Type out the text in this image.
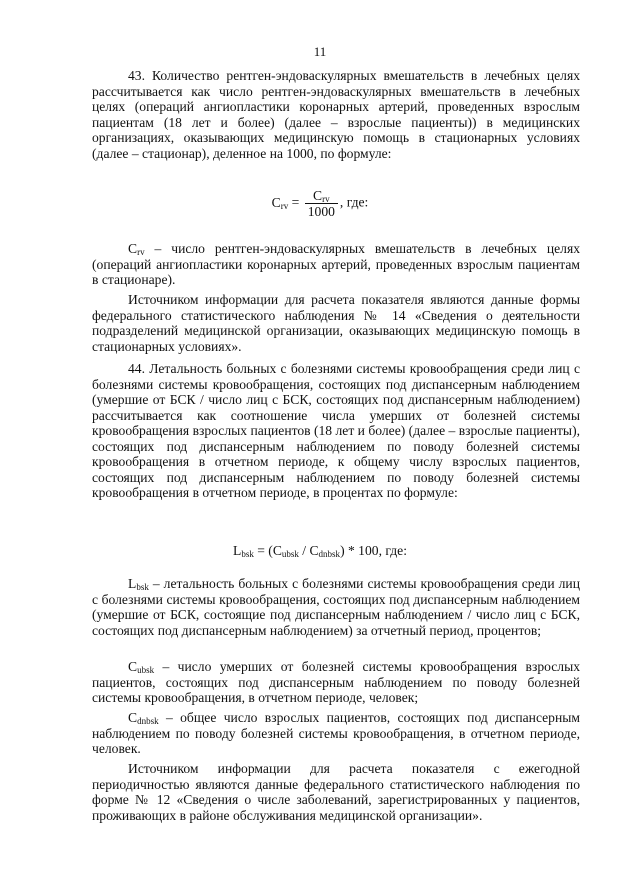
11

43. Количество рентген-эндоваскулярных вмешательств в лечебных целях рассчитывается как число рентген-эндоваскулярных вмешательств в лечебных целях (операций ангиопластики коронарных артерий, проведенных взрослым пациентам (18 лет и более) (далее – взрослые пациенты)) в медицинских организациях, оказывающих медицинскую помощь в стационарных условиях (далее – стационар), деленное на 1000, по формуле:

$C_{rv} = \frac{C_{rv}}{1000}$ , где:

$C_{rv}$ – число рентген-эндоваскулярных вмешательств в лечебных целях (операций ангиопластики коронарных артерий, проведенных взрослым пациентам в стационаре).

Источником информации для расчета показателя являются данные формы федерального статистического наблюдения № 14 «Сведения о деятельности подразделений медицинской организации, оказывающих медицинскую помощь в стационарных условиях».

44. Летальность больных с болезнями системы кровообращения среди лиц с болезнями системы кровообращения, состоящих под диспансерным наблюдением (умершие от БСК / число лиц с БСК, состоящих под диспансерным наблюдением) рассчитывается как соотношение числа умерших от болезней системы кровообращения взрослых пациентов (18 лет и более) (далее – взрослые пациенты), состоящих под диспансерным наблюдением по поводу болезней системы кровообращения в отчетном периоде, к общему числу взрослых пациентов, состоящих под диспансерным наблюдением по поводу болезней системы кровообращения в отчетном периоде, в процентах по формуле:

$L_{bsk} = (C_{ubsk} / C_{dnbsk}) * 100$, где:

$L_{bsk}$ – летальность больных с болезнями системы кровообращения среди лиц с болезнями системы кровообращения, состоящих под диспансерным наблюдением (умершие от БСК, состоящие под диспансерным наблюдением / число лиц с БСК, состоящих под диспансерным наблюдением) за отчетный период, процентов;

$C_{ubsk}$ – число умерших от болезней системы кровообращения взрослых пациентов, состоящих под диспансерным наблюдением по поводу болезней системы кровообращения, в отчетном периоде, человек;

$C_{dnbsk}$ – общее число взрослых пациентов, состоящих под диспансерным наблюдением по поводу болезней системы кровообращения, в отчетном периоде, человек.

Источником информации для расчета показателя с ежегодной периодичностью являются данные федерального статистического наблюдения по форме № 12 «Сведения о числе заболеваний, зарегистрированных у пациентов, проживающих в районе обслуживания медицинской организации».
